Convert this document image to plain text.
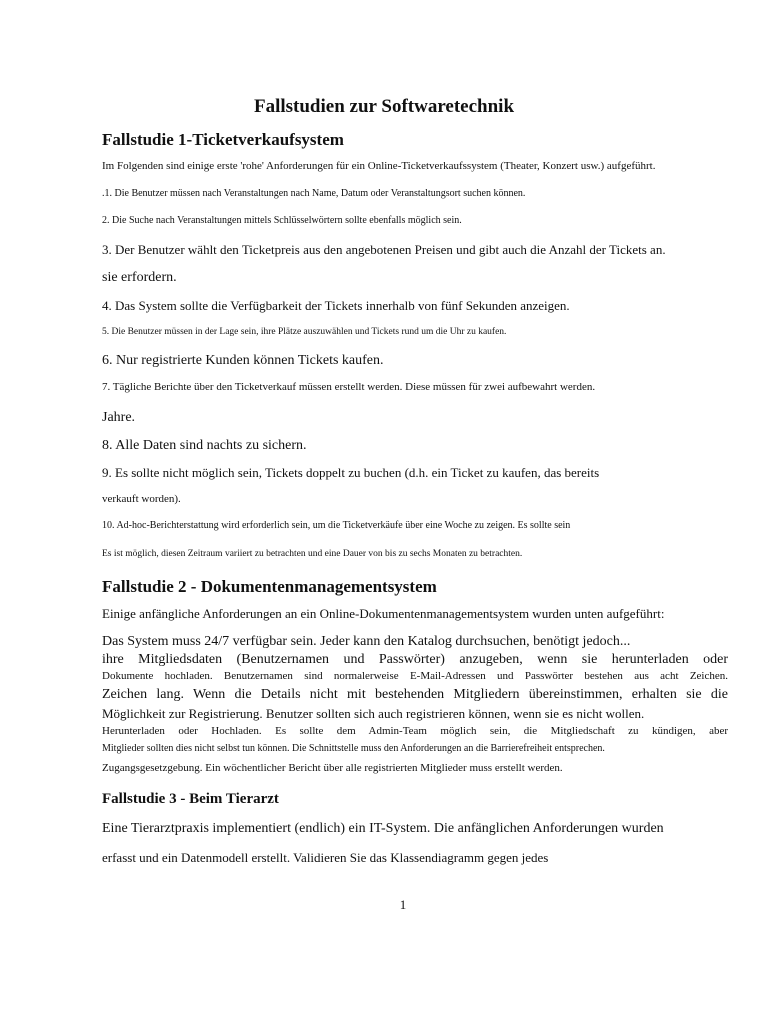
Fallstudien zur Softwaretechnik
Fallstudie 1-Ticketverkaufsystem
Im Folgenden sind einige erste 'rohe' Anforderungen für ein Online-Ticketverkaufssystem (Theater, Konzert usw.) aufgeführt.
.1. Die Benutzer müssen nach Veranstaltungen nach Name, Datum oder Veranstaltungsort suchen können.
2. Die Suche nach Veranstaltungen mittels Schlüsselwörtern sollte ebenfalls möglich sein.
3. Der Benutzer wählt den Ticketpreis aus den angebotenen Preisen und gibt auch die Anzahl der Tickets an.
sie erfordern.
4. Das System sollte die Verfügbarkeit der Tickets innerhalb von fünf Sekunden anzeigen.
5. Die Benutzer müssen in der Lage sein, ihre Plätze auszuwählen und Tickets rund um die Uhr zu kaufen.
6. Nur registrierte Kunden können Tickets kaufen.
7. Tägliche Berichte über den Ticketverkauf müssen erstellt werden. Diese müssen für zwei aufbewahrt werden.
Jahre.
8. Alle Daten sind nachts zu sichern.
9. Es sollte nicht möglich sein, Tickets doppelt zu buchen (d.h. ein Ticket zu kaufen, das bereits
verkauft worden).
10. Ad-hoc-Berichterstattung wird erforderlich sein, um die Ticketverkäufe über eine Woche zu zeigen. Es sollte sein
Es ist möglich, diesen Zeitraum variiert zu betrachten und eine Dauer von bis zu sechs Monaten zu betrachten.
Fallstudie 2 - Dokumentenmanagementsystem
Einige anfängliche Anforderungen an ein Online-Dokumentenmanagementsystem wurden unten aufgeführt:
Das System muss 24/7 verfügbar sein. Jeder kann den Katalog durchsuchen, benötigt jedoch...
ihre Mitgliedsdaten (Benutzernamen und Passwörter) anzugeben, wenn sie herunterladen oder
Dokumente hochladen. Benutzernamen sind normalerweise E-Mail-Adressen und Passwörter bestehen aus acht Zeichen.
Zeichen lang. Wenn die Details nicht mit bestehenden Mitgliedern übereinstimmen, erhalten sie die
Möglichkeit zur Registrierung. Benutzer sollten sich auch registrieren können, wenn sie es nicht wollen.
Herunterladen oder Hochladen. Es sollte dem Admin-Team möglich sein, die Mitgliedschaft zu kündigen, aber
Mitglieder sollten dies nicht selbst tun können. Die Schnittstelle muss den Anforderungen an die Barrierefreiheit entsprechen.
Zugangsgesetzgebung. Ein wöchentlicher Bericht über alle registrierten Mitglieder muss erstellt werden.
Fallstudie 3 - Beim Tierarzt
Eine Tierarztpraxis implementiert (endlich) ein IT-System. Die anfänglichen Anforderungen wurden
erfasst und ein Datenmodell erstellt. Validieren Sie das Klassendiagramm gegen jedes
1
